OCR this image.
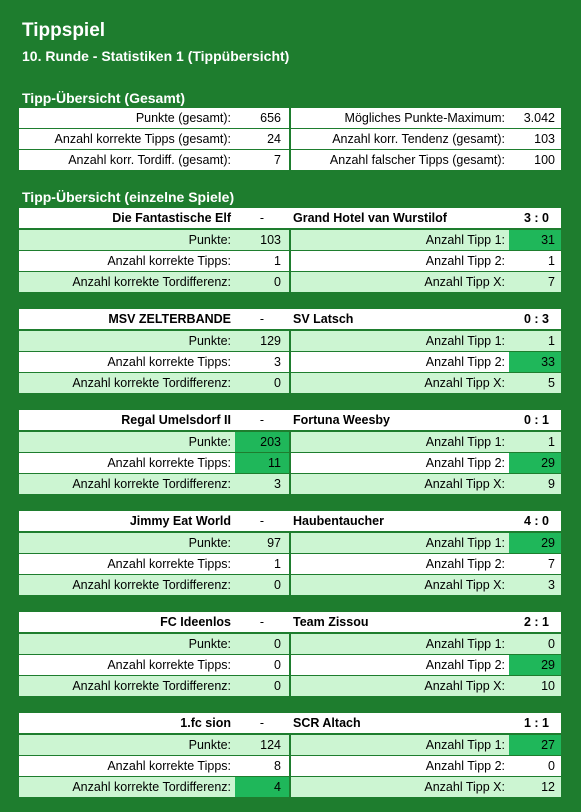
Tippspiel
10. Runde - Statistiken 1 (Tippübersicht)
Tipp-Übersicht (Gesamt)
Punkte (gesamt):	656	Mögliches Punkte-Maximum:	3.042
Anzahl korrekte Tipps (gesamt):	24	Anzahl korr. Tendenz (gesamt):	103
Anzahl korr. Tordiff. (gesamt):	7	Anzahl falscher Tipps (gesamt):	100
Tipp-Übersicht (einzelne Spiele)
Die Fantastische Elf	-	Grand Hotel van Wurstilof	3 : 0
Punkte:	103	Anzahl Tipp 1:	31
Anzahl korrekte Tipps:	1	Anzahl Tipp 2:	1
Anzahl korrekte Tordifferenz:	0	Anzahl Tipp X:	7
MSV ZELTERBANDE	-	SV Latsch	0 : 3
Punkte:	129	Anzahl Tipp 1:	1
Anzahl korrekte Tipps:	3	Anzahl Tipp 2:	33
Anzahl korrekte Tordifferenz:	0	Anzahl Tipp X:	5
Regal Umelsdorf II	-	Fortuna Weesby	0 : 1
Punkte:	203	Anzahl Tipp 1:	1
Anzahl korrekte Tipps:	11	Anzahl Tipp 2:	29
Anzahl korrekte Tordifferenz:	3	Anzahl Tipp X:	9
Jimmy Eat World	-	Haubentaucher	4 : 0
Punkte:	97	Anzahl Tipp 1:	29
Anzahl korrekte Tipps:	1	Anzahl Tipp 2:	7
Anzahl korrekte Tordifferenz:	0	Anzahl Tipp X:	3
FC Ideenlos	-	Team Zissou	2 : 1
Punkte:	0	Anzahl Tipp 1:	0
Anzahl korrekte Tipps:	0	Anzahl Tipp 2:	29
Anzahl korrekte Tordifferenz:	0	Anzahl Tipp X:	10
1.fc sion	-	SCR Altach	1 : 1
Punkte:	124	Anzahl Tipp 1:	27
Anzahl korrekte Tipps:	8	Anzahl Tipp 2:	0
Anzahl korrekte Tordifferenz:	4	Anzahl Tipp X:	12
